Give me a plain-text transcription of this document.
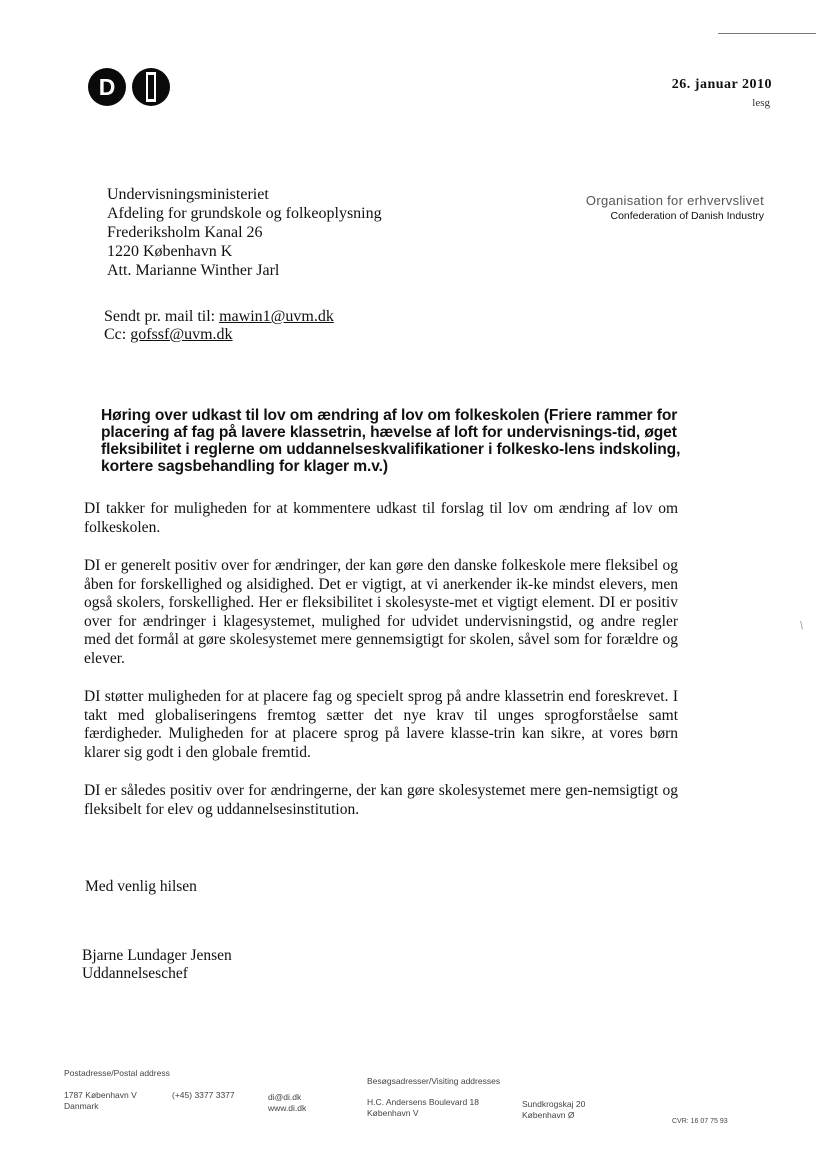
D	26. januar 2010
lesg
Undervisningsministeriet
Afdeling for grundskole og folkeoplysning
Frederiksholm Kanal 26
1220 København K
Att. Marianne Winther Jarl
Organisation for erhvervslivet
Confederation of Danish Industry
Sendt pr. mail til: mawin1@uvm.dk
Cc: gofssf@uvm.dk
Høring over udkast til lov om ændring af lov om folkeskolen (Friere rammer for placering af fag på lavere klassetrin, hævelse af loft for undervisnings-tid, øget fleksibilitet i reglerne om uddannelseskvalifikationer i folkesko-lens indskoling, kortere sagsbehandling for klager m.v.)

DI takker for muligheden for at kommentere udkast til forslag til lov om ændring af lov om folkeskolen.

DI er generelt positiv over for ændringer, der kan gøre den danske folkeskole mere fleksibel og åben for forskellighed og alsidighed. Det er vigtigt, at vi anerkender ik-ke mindst elevers, men også skolers, forskellighed. Her er fleksibilitet i skolesyste-met et vigtigt element. DI er positiv over for ændringer i klagesystemet, mulighed for udvidet undervisningstid, og andre regler med det formål at gøre skolesystemet mere gennemsigtigt for skolen, såvel som for forældre og elever.

DI støtter muligheden for at placere fag og specielt sprog på andre klassetrin end foreskrevet. I takt med globaliseringens fremtog sætter det nye krav til unges sprogforståelse samt færdigheder. Muligheden for at placere sprog på lavere klasse-trin kan sikre, at vores børn klarer sig godt i den globale fremtid.

DI er således positiv over for ændringerne, der kan gøre skolesystemet mere gen-nemsigtigt og fleksibelt for elev og uddannelsesinstitution.

/
Med venlig hilsen
Bjarne Lundager Jensen
Uddannelseschef
Postadresse/Postal address
1787 København V
Danmark
(+45) 3377 3377	di@di.dk
www.di.dk
Besøgsadresser/Visiting addresses
H.C. Andersens Boulevard 18
København V
Sundkrogskaj 20
København Ø
CVR: 16 07 75 93
